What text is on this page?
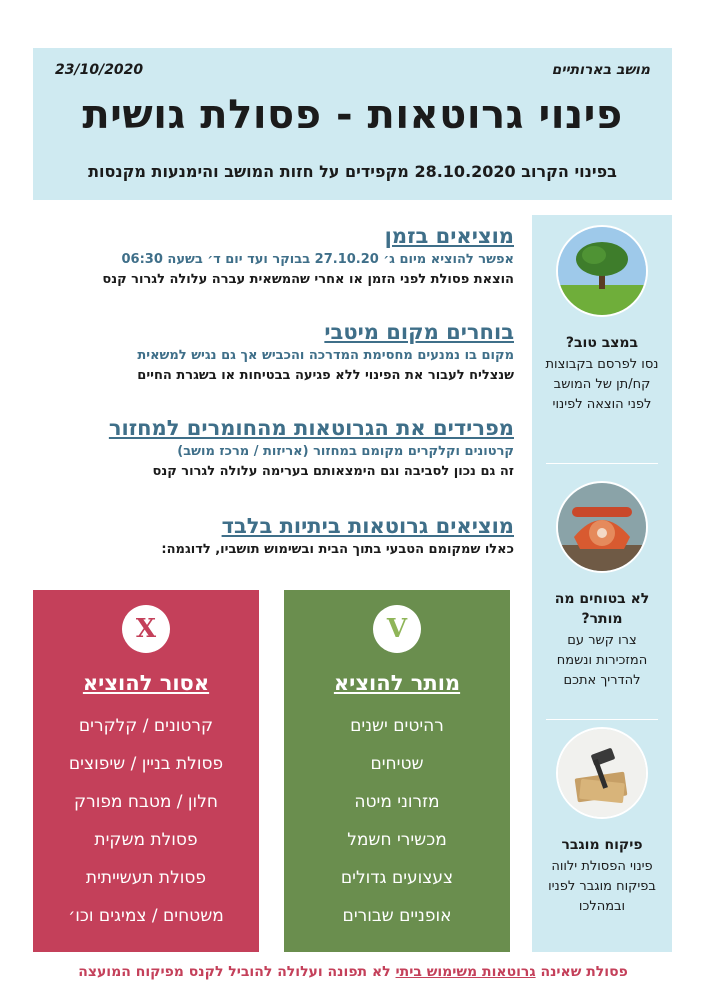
23/10/2020	מושב בארותיים
פינוי גרוטאות - פסולת גושית
בפינוי הקרוב 28.10.2020 מקפידים על חזות המושב והימנעות מקנסות
מוציאים בזמן
אפשר להוציא מיום ג׳ 27.10.20 בבוקר ועד יום ד׳ בשעה 06:30
הוצאת פסולת לפני הזמן או אחרי שהמשאית עברה עלולה לגרור קנס
בוחרים מקום מיטבי
מקום בו נמנעים מחסימת המדרכה והכביש אך גם נגיש למשאית
שנצליח לעבור את הפינוי ללא פגיעה בבטיחות או בשגרת החיים
מפרידים את הגרוטאות מהחומרים למחזור
קרטונים וקלקרים מקומם במחזור (אריזות / מרכז מושב)
זה גם נכון לסביבה וגם הימצאותם בערימה עלולה לגרור קנס
מוציאים גרוטאות ביתיות בלבד
כאלו שמקומם הטבעי בתוך הבית ובשימוש תושביו, לדוגמה:
V
מותר להוציא
רהיטים ישנים
שטיחים
מזרוני מיטה
מכשירי חשמל
צעצועים גדולים
אופניים שבורים
X
אסור להוציא
קרטונים / קלקרים
פסולת בניין / שיפוצים
חלון / מטבח מפורק
פסולת משקית
פסולת תעשייתית
משטחים / צמיגים וכו׳
במצב טוב?
נסו לפרסם בקבוצות קח/תן של המושב לפני הוצאה לפינוי
לא בטוחים מה מותר?
צרו קשר עם המזכירות ונשמח להדריך אתכם
פיקוח מוגבר
פינוי הפסולת ילווה בפיקוח מוגבר לפניו ובמהלכו
פסולת שאינה גרוטאות משימוש ביתי לא תפונה ועלולה להוביל לקנס מפיקוח המועצה
